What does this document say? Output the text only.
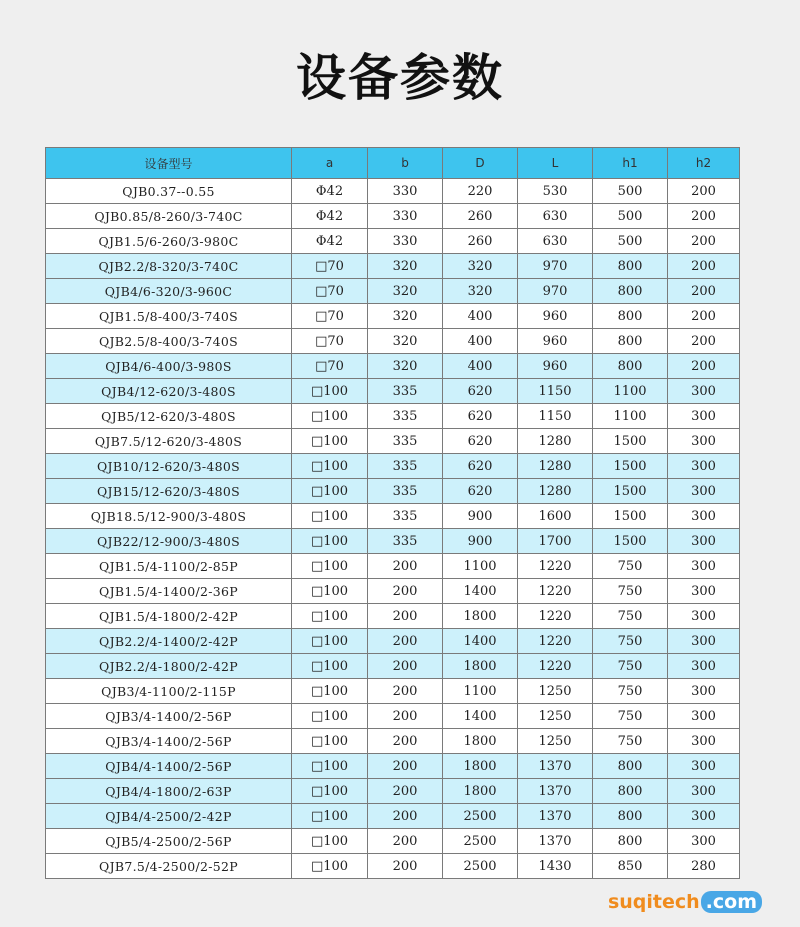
设备参数
设备型号	a	b	D	L	h1	h2
QJB0.37--0.55	Φ42	330	220	530	500	200
QJB0.85/8-260/3-740C	Φ42	330	260	630	500	200
QJB1.5/6-260/3-980C	Φ42	330	260	630	500	200
QJB2.2/8-320/3-740C	□70	320	320	970	800	200
QJB4/6-320/3-960C	□70	320	320	970	800	200
QJB1.5/8-400/3-740S	□70	320	400	960	800	200
QJB2.5/8-400/3-740S	□70	320	400	960	800	200
QJB4/6-400/3-980S	□70	320	400	960	800	200
QJB4/12-620/3-480S	□100	335	620	1150	1100	300
QJB5/12-620/3-480S	□100	335	620	1150	1100	300
QJB7.5/12-620/3-480S	□100	335	620	1280	1500	300
QJB10/12-620/3-480S	□100	335	620	1280	1500	300
QJB15/12-620/3-480S	□100	335	620	1280	1500	300
QJB18.5/12-900/3-480S	□100	335	900	1600	1500	300
QJB22/12-900/3-480S	□100	335	900	1700	1500	300
QJB1.5/4-1100/2-85P	□100	200	1100	1220	750	300
QJB1.5/4-1400/2-36P	□100	200	1400	1220	750	300
QJB1.5/4-1800/2-42P	□100	200	1800	1220	750	300
QJB2.2/4-1400/2-42P	□100	200	1400	1220	750	300
QJB2.2/4-1800/2-42P	□100	200	1800	1220	750	300
QJB3/4-1100/2-115P	□100	200	1100	1250	750	300
QJB3/4-1400/2-56P	□100	200	1400	1250	750	300
QJB3/4-1400/2-56P	□100	200	1800	1250	750	300
QJB4/4-1400/2-56P	□100	200	1800	1370	800	300
QJB4/4-1800/2-63P	□100	200	1800	1370	800	300
QJB4/4-2500/2-42P	□100	200	2500	1370	800	300
QJB5/4-2500/2-56P	□100	200	2500	1370	800	300
QJB7.5/4-2500/2-52P	□100	200	2500	1430	850	280
suqitech .com
